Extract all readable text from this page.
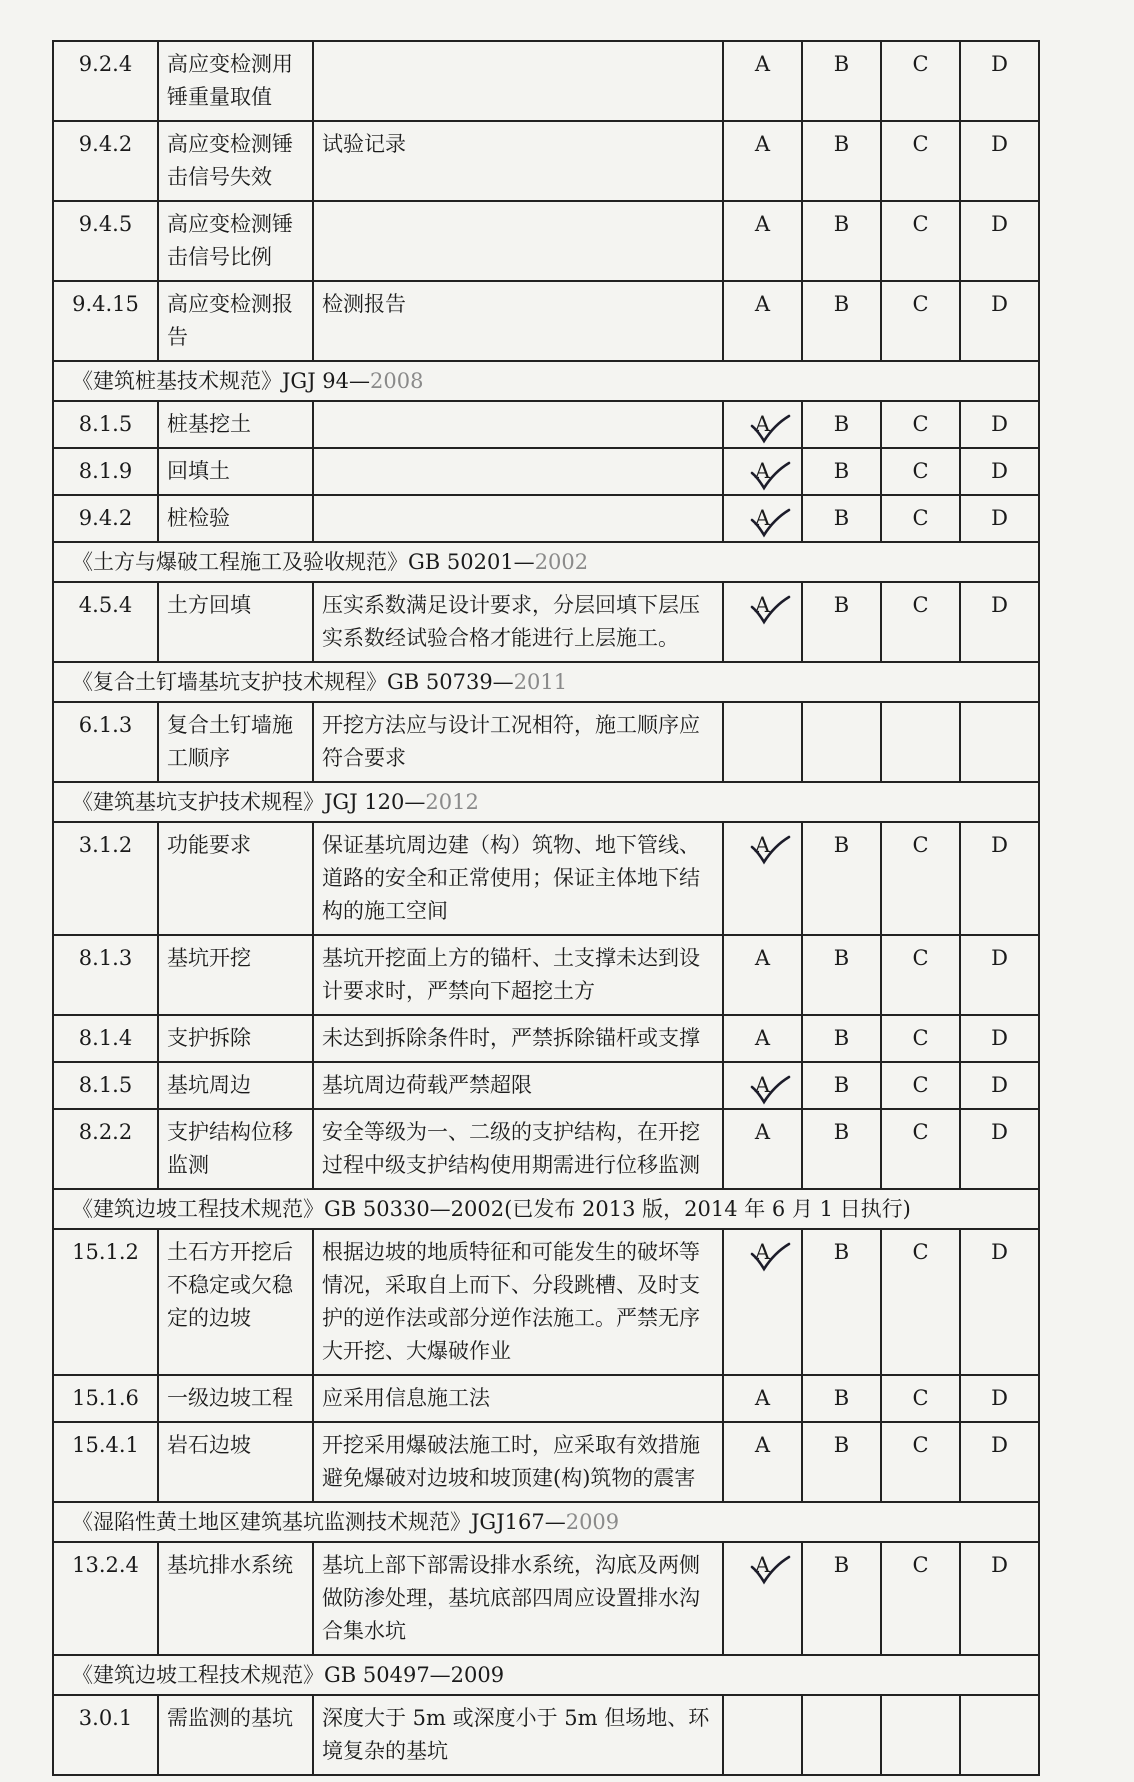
9.2.4	高应变检测用锤重量取值		A	B	C	D
9.4.2	高应变检测锤击信号失效	试验记录	A	B	C	D
9.4.5	高应变检测锤击信号比例		A	B	C	D
9.4.15	高应变检测报告	检测报告	A	B	C	D
《建筑桩基技术规范》JGJ 94—2008						
8.1.5	桩基挖土		A	B	C	D
8.1.9	回填土		A	B	C	D
9.4.2	桩检验		A	B	C	D
《土方与爆破工程施工及验收规范》GB 50201—2002						
4.5.4	土方回填	压实系数满足设计要求，分层回填下层压实系数经试验合格才能进行上层施工。	A	B	C	D
《复合土钉墙基坑支护技术规程》GB 50739—2011						
6.1.3	复合土钉墙施工顺序	开挖方法应与设计工况相符，施工顺序应符合要求				
《建筑基坑支护技术规程》JGJ 120—2012						
3.1.2	功能要求	保证基坑周边建（构）筑物、地下管线、道路的安全和正常使用；保证主体地下结构的施工空间	A	B	C	D
8.1.3	基坑开挖	基坑开挖面上方的锚杆、土支撑未达到设计要求时，严禁向下超挖土方	A	B	C	D
8.1.4	支护拆除	未达到拆除条件时，严禁拆除锚杆或支撑	A	B	C	D
8.1.5	基坑周边	基坑周边荷载严禁超限	A	B	C	D
8.2.2	支护结构位移监测	安全等级为一、二级的支护结构，在开挖过程中级支护结构使用期需进行位移监测	A	B	C	D
《建筑边坡工程技术规范》GB 50330—2002(已发布 2013 版，2014 年 6 月 1 日执行)						
15.1.2	土石方开挖后不稳定或欠稳定的边坡	根据边坡的地质特征和可能发生的破坏等情况，采取自上而下、分段跳槽、及时支护的逆作法或部分逆作法施工。严禁无序大开挖、大爆破作业	A	B	C	D
15.1.6	一级边坡工程	应采用信息施工法	A	B	C	D
15.4.1	岩石边坡	开挖采用爆破法施工时，应采取有效措施避免爆破对边坡和坡顶建(构)筑物的震害	A	B	C	D
《湿陷性黄土地区建筑基坑监测技术规范》JGJ167—2009						
13.2.4	基坑排水系统	基坑上部下部需设排水系统，沟底及两侧做防渗处理，基坑底部四周应设置排水沟合集水坑	A	B	C	D
《建筑边坡工程技术规范》GB 50497—2009						
3.0.1	需监测的基坑	深度大于 5m 或深度小于 5m 但场地、环境复杂的基坑				
